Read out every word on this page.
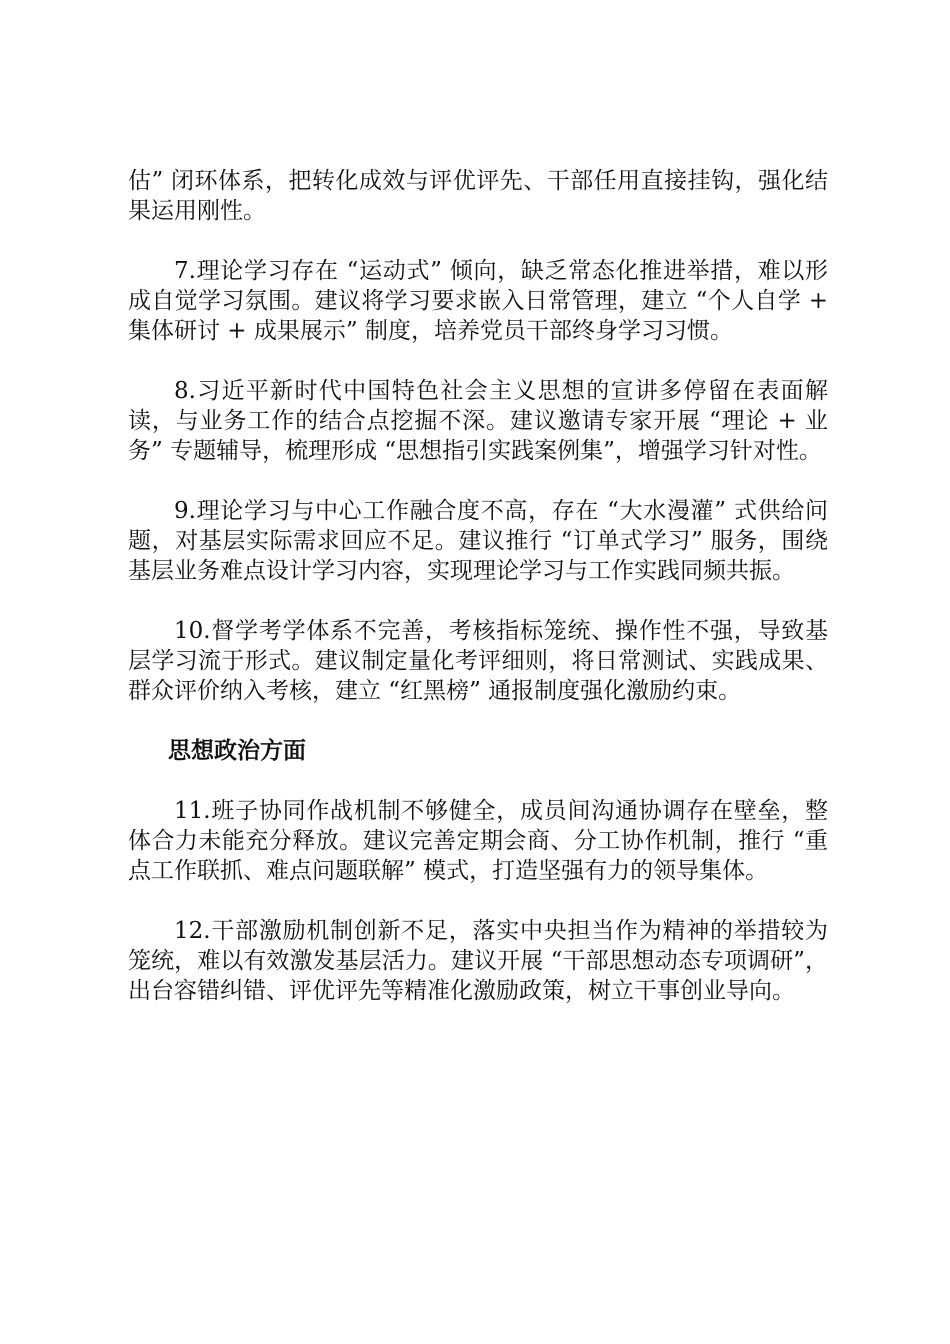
估” 闭环体系，把转化成效与评优评先、干部任用直接挂钩，强化结果运用刚性。

7.理论学习存在 “运动式” 倾向，缺乏常态化推进举措，难以形成自觉学习氛围。建议将学习要求嵌入日常管理，建立 “个人自学 + 集体研讨 + 成果展示” 制度，培养党员干部终身学习习惯。

8.习近平新时代中国特色社会主义思想的宣讲多停留在表面解读，与业务工作的结合点挖掘不深。建议邀请专家开展 “理论 + 业务” 专题辅导，梳理形成 “思想指引实践案例集”，增强学习针对性。

9.理论学习与中心工作融合度不高，存在 “大水漫灌” 式供给问题，对基层实际需求回应不足。建议推行 “订单式学习” 服务，围绕基层业务难点设计学习内容，实现理论学习与工作实践同频共振。

10.督学考学体系不完善，考核指标笼统、操作性不强，导致基层学习流于形式。建议制定量化考评细则，将日常测试、实践成果、群众评价纳入考核，建立 “红黑榜” 通报制度强化激励约束。

思想政治方面

11.班子协同作战机制不够健全，成员间沟通协调存在壁垒，整体合力未能充分释放。建议完善定期会商、分工协作机制，推行 “重点工作联抓、难点问题联解” 模式，打造坚强有力的领导集体。

12.干部激励机制创新不足，落实中央担当作为精神的举措较为笼统，难以有效激发基层活力。建议开展 “干部思想动态专项调研”，出台容错纠错、评优评先等精准化激励政策，树立干事创业导向。
